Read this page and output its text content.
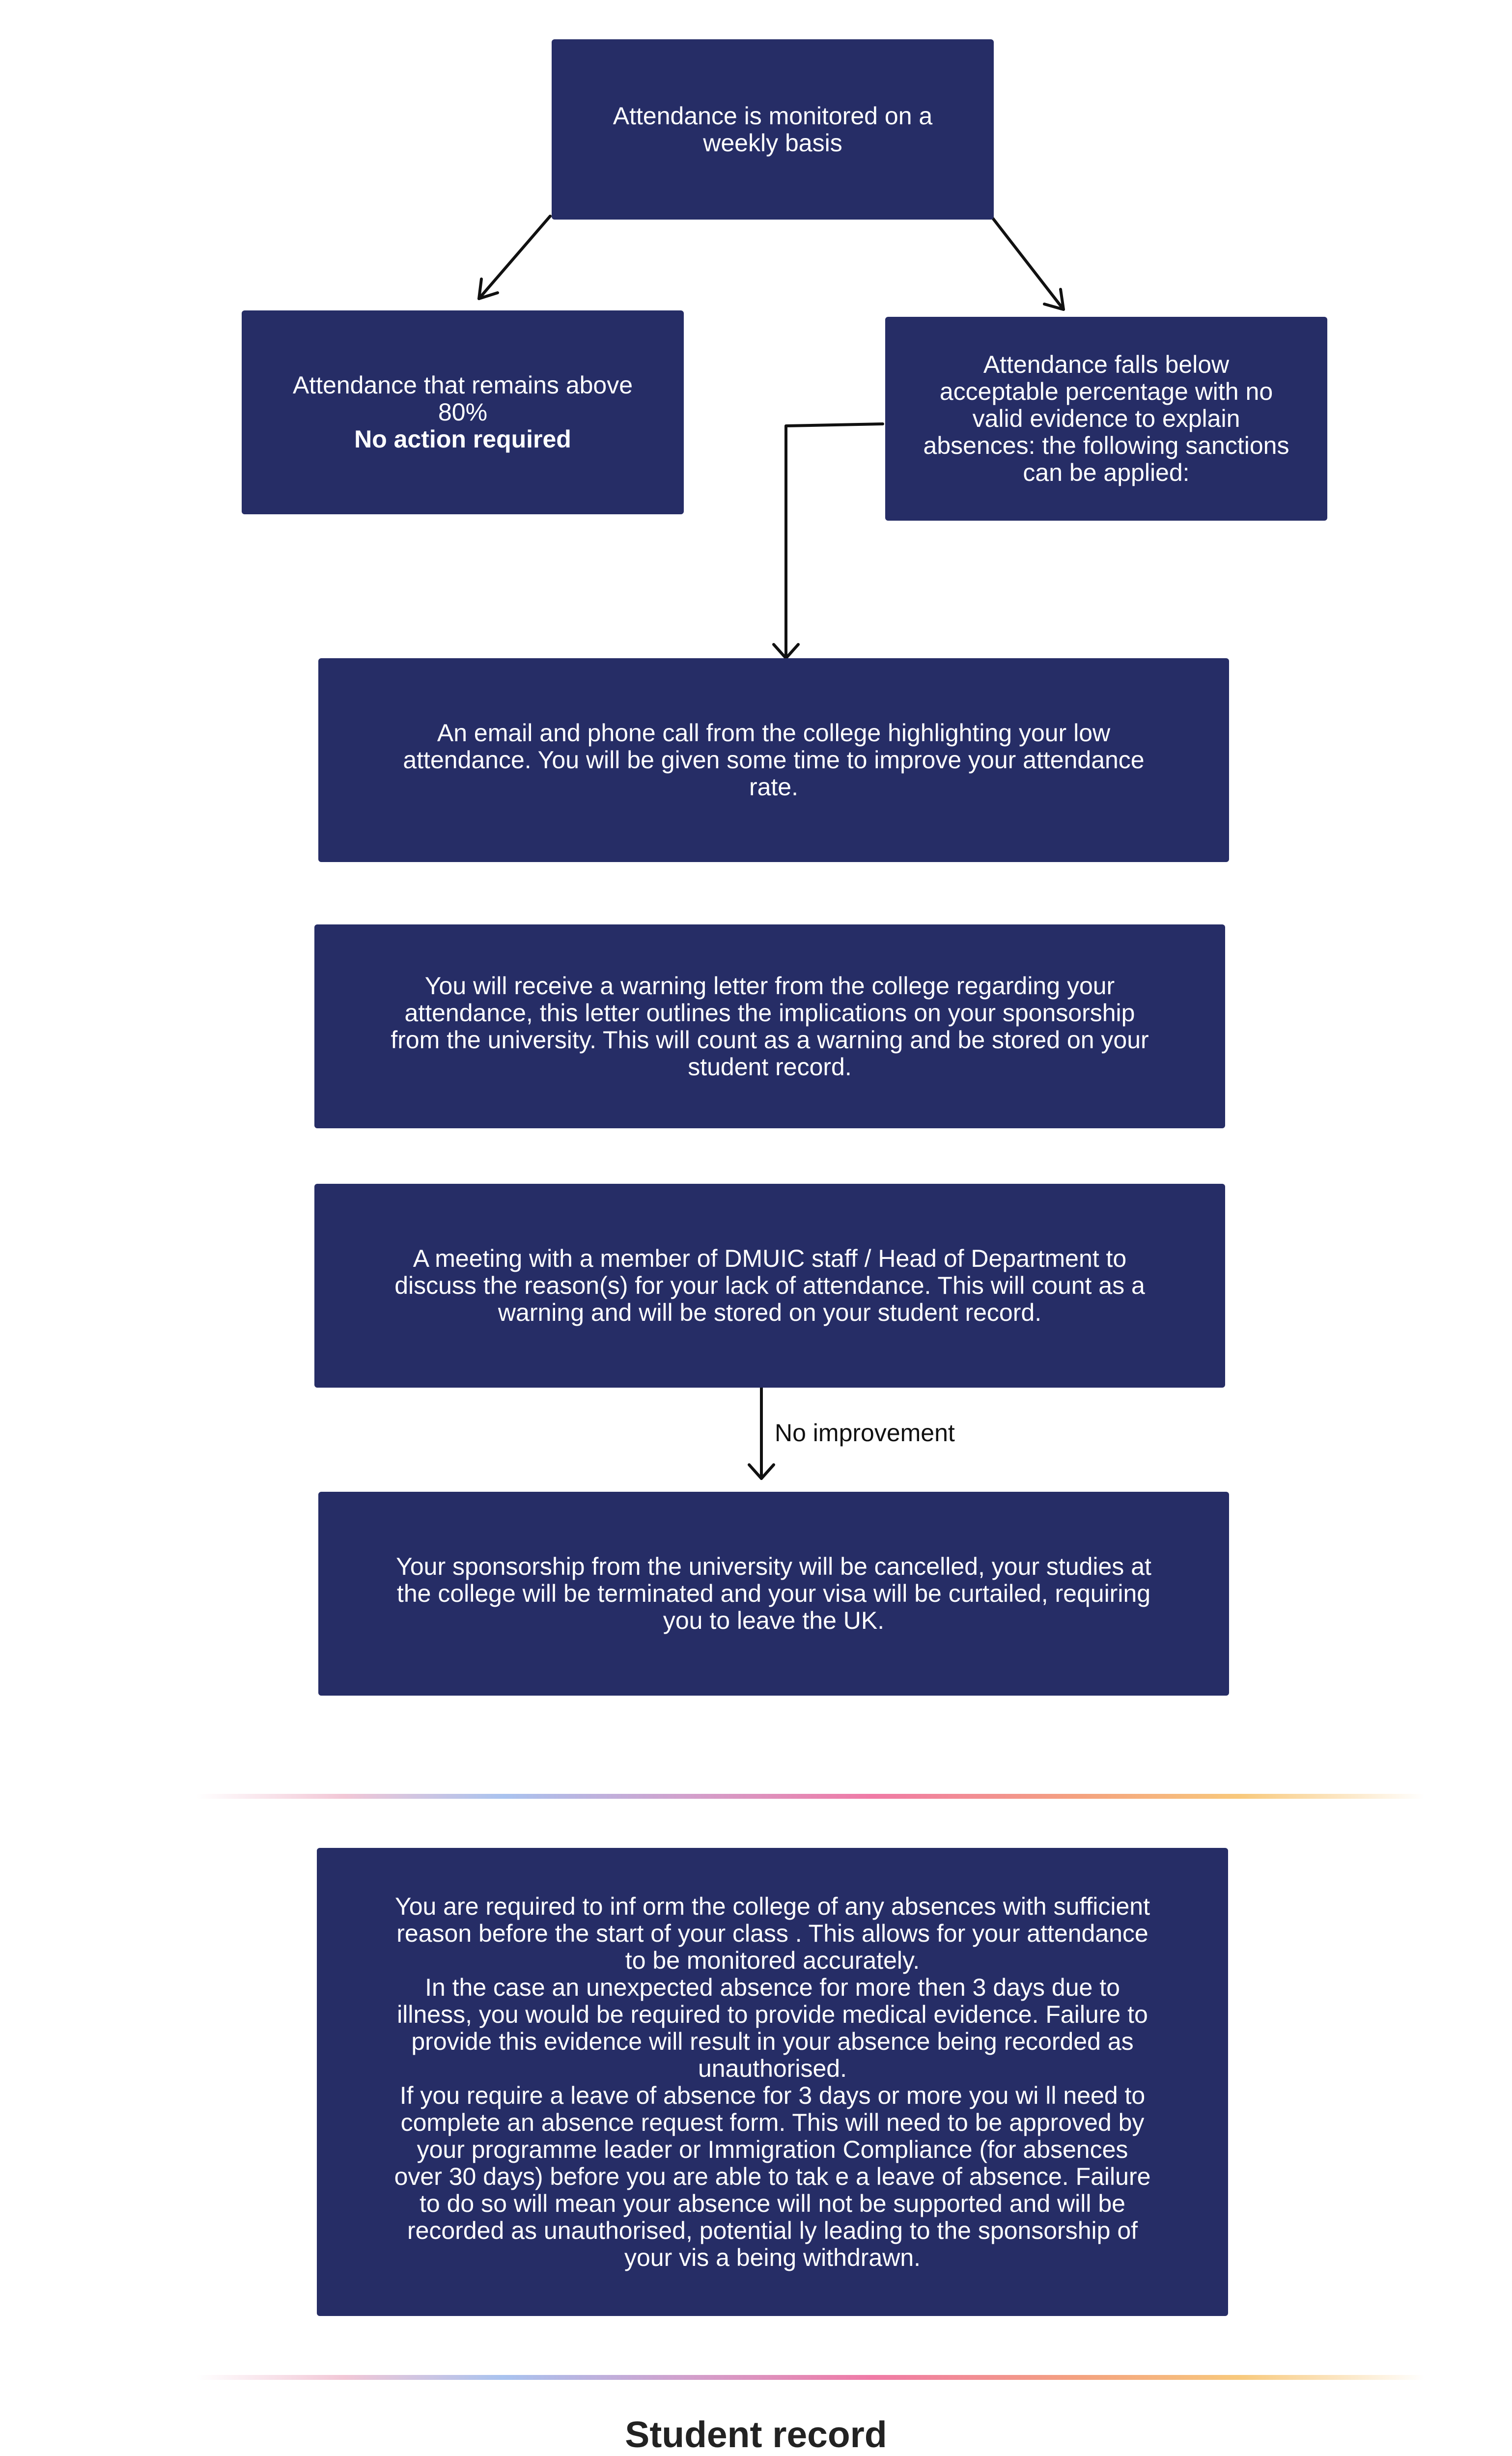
Attendance is monitored on a
weekly basis
Attendance that remains above
80%
No action required
Attendance falls below
acceptable percentage with no
valid evidence to explain
absences: the following sanctions
can be applied:
An email and phone call from the college highlighting your low
attendance. You will be given some time to improve your attendance
rate.
You will receive a warning letter from the college regarding your
attendance, this letter outlines the implications on your sponsorship
from the university. This will count as a warning and be stored on your
student record.
A meeting with a member of DMUIC staff / Head of Department to
discuss the reason(s) for your lack of attendance. This will count as a
warning and will be stored on your student record.
No improvement
Your sponsorship from the university will be cancelled, your studies at
the college will be terminated and your visa will be curtailed, requiring
you to leave the UK.
You are required to inf orm the college of any absences with sufficient
reason before the start of your class . This allows for your attendance
to be monitored accurately.
In the case an unexpected absence for more then 3 days due to
illness, you would be required to provide medical evidence. Failure to
provide this evidence will result in your absence being recorded as
unauthorised.
If you require a leave of absence for 3 days or more you wi ll need to
complete an absence request form. This will need to be approved by
your programme leader or Immigration Compliance (for absences
over 30 days) before you are able to tak e a leave of absence. Failure
to do so will mean your absence will not be supported and will be
recorded as unauthorised, potential ly leading to the sponsorship of
your vis a being withdrawn.
Student record
